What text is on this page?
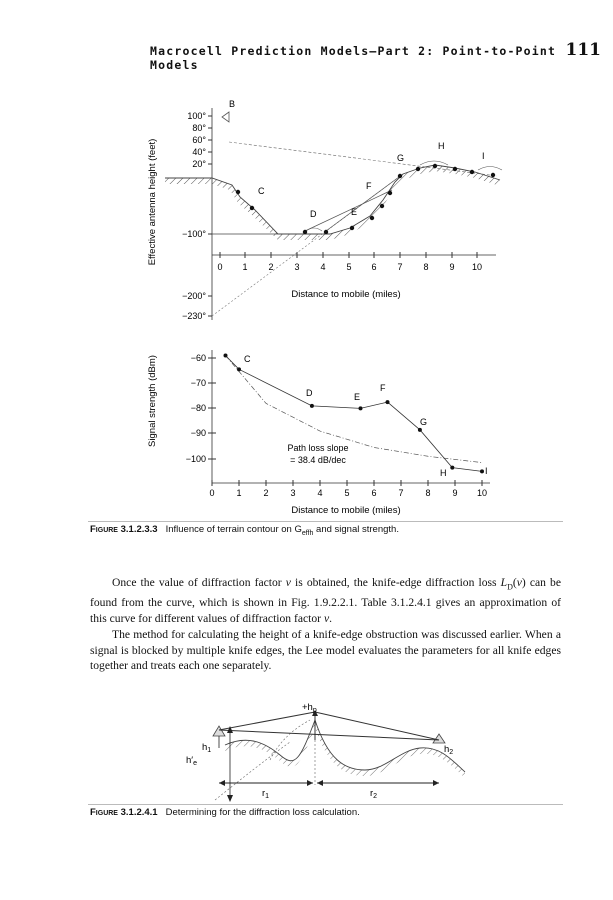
Macrocell Prediction Models—Part 2: Point-to-Point Models
111
100°
80°
60°
40°
20°
−100°
−200°
−230°
0 1 2 3 4 5 6 7 8 9 10
Effective antenna height (feet)
Distance to mobile (miles)
B
C
D	E
F
G
H
I
−60
−70
−80
−90
−100
0 1 2 3 4 5 6 7 8 9 10
Signal strength (dBm)
Distance to mobile (miles)
Path loss slope
= 38.4 dB/dec
C
D	E
F
G
H	I
Figure 3.1.2.3.3 Influence of terrain contour on $G_{effh}$ and signal strength.

Once the value of diffraction factor v is obtained, the knife-edge diffraction loss $L_D(v)$ can be found from the curve, which is shown in Fig. 1.9.2.2.1. Table 3.1.2.4.1 gives an approximation of this curve for different values of diffraction factor v.

The method for calculating the height of a knife-edge obstruction was discussed earlier. When a signal is blocked by multiple knife edges, the Lee model evaluates the parameters for all knife edges together and treats each one separately.

$+h_p$
$h_1$	$h_2$
$h'_e$
$r_1$	$r_2$
Figure 3.1.2.4.1 Determining for the diffraction loss calculation.
